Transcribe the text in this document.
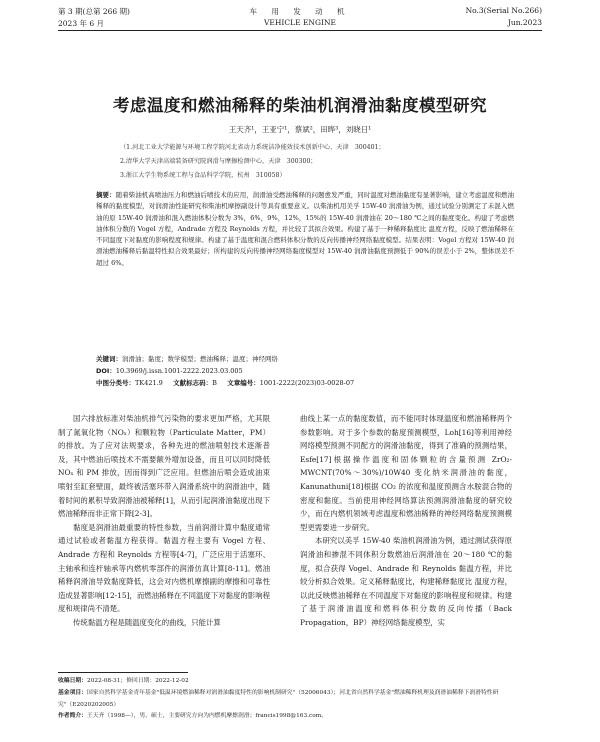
第 3 期(总第 266 期)
2023 年 6 月
车 用 发 动 机
VEHICLE ENGINE
No.3(Serial No.266)
Jun.2023
考虑温度和燃油稀释的柴油机润滑油黏度模型研究
王天齐¹，王亚宁¹，蔡斌²，田晔³，刘晓日¹
（1.河北工业大学能源与环境工程学院河北省动力系统洁净能效技术创新中心，天津　300401；
2.清华大学天津高端装备研究院润滑与摩擦检测中心，天津　300300；
3.浙江大学生物系统工程与食品科学学院，杭州　310058）
摘要：随着柴油机高喷油压力和燃油后喷技术的应用，润滑油受燃油稀释的问题愈发严重，同时温度对燃油黏度有显著影响，建立考虑温度和燃油稀释的黏度模型，对润滑油性能研究和柴油机摩擦副设计等具有重要意义。以柴油机用美孚 15W-40 润滑油为例，通过试验分别测定了未混入燃油的原 15W-40 润滑油和混入燃油体积分数为 3%，6%，9%，12%，15%的 15W-40 润滑油在 20～180 ℃之间的黏度变化。构建了考虑燃油体积分数的 Vogel 方程，Andrade 方程及 Reynolds 方程，并比较了其拟合效果。构建了基于一种稀释黏度比 温度方程，反映了燃油稀释在不同温度下对黏度的影响程度和规律。构建了基于温度和混合燃料体积分数的反向传播神经网络黏度模型。结果表明：Vogel 方程对 15W-40 润滑油燃油稀释后黏温特性拟合效果最好；所构建的反向传播神经网络黏度模型对 15W-40 润滑油黏度预测低于 90%的误差小于 2%，整体误差不超过 6%。
关键词：润滑油；黏度；数学模型；燃油稀释；温度；神经网络
DOI：10.3969/j.issn.1001-2222.2023.03.005
中图分类号：TK421.9 文献标志码：B 文章编号：1001-2222(2023)03-0028-07

国六排放标准对柴油机排气污染物的要求更加严格，尤其限制了氮氧化物（NOₓ）和颗粒物（Particulate Matter，PM）的排放。为了应对法规要求，各种先进的燃油喷射技术逐渐普及，其中燃油后喷技术不需要额外增加设备，而且可以同时降低 NOₓ 和 PM 排放，因而得到广泛应用。但燃油后喷会造成油束喷射至缸套壁面，最终被活塞环带入润滑系统中的润滑油中，随着时间的累积导致润滑油被稀释[1]，从而引起润滑油黏度出现下燃油稀释而非正常下降[2-3]。

黏度是润滑油最重要的特性参数，当前润滑计算中黏度通常通过试验或者黏温方程获得。黏温方程主要有 Vogel 方程、Andrade 方程和 Reynolds 方程等[4-7]，广泛应用于活塞环、主轴承和连杆轴承等内燃机零部件的润滑仿真计算[8-11]。燃油稀释润滑油导致黏度降低，这会对内燃机摩擦副的摩擦和可靠性造成显著影响[12-15]，而燃油稀释在不同温度下对黏度的影响程度和规律尚不清楚。

传统黏温方程是随温度变化的曲线，只能计算

曲线上某一点的黏度数值，而不能同时体现温度和燃油稀释两个参数影响。对于多个参数的黏度预测模型，Loh[16]等利用神经网络模型预测不同配方的润滑油黏度，得到了准确的预测结果，Esfe[17]根据操作温度和固体颗粒的含量预测 ZrO₂-MWCNT(70%～30%)/10W40 变化纳米润滑油的黏度，Kanunathuni[18]根据 CO₂ 的浓度和温度预测含水胺混合物的密度和黏度。当前使用神经网络算法预测润滑油黏度的研究较少，而在内燃机领域考虑温度和燃油稀释的神经网络黏度预测模型更需要进一步研究。

本研究以美孚 15W-40 柴油机润滑油为例，通过测试获得原润滑油和掺混不同体积分数燃油后润滑油在 20～180 ℃的黏度，拟合获得 Vogel、Andrade 和 Reynolds 黏温方程，并比较分析拟合效果。定义稀释黏度比，构建稀释黏度比 温度方程，以此反映燃油稀释在不同温度下对黏度的影响程度和规律。构建了基于润滑油温度和燃料体积分数的反向传播（Back Propagation，BP）神经网络黏度模型，实

收稿日期：2022-08-31；修回日期：2022-12-02
基金项目：国家自然科学基金青年基金"低温环境燃油稀释对润滑油黏度特性的影响机制研究"（52006043）；河北省自然科学基金"燃油稀释机理及润滑油稀释下润滑特性研究"（E2020202005）
作者简介：王天齐（1998—），男，硕士，主要研究方向为内燃机摩擦润滑；francis1998@163.com。
